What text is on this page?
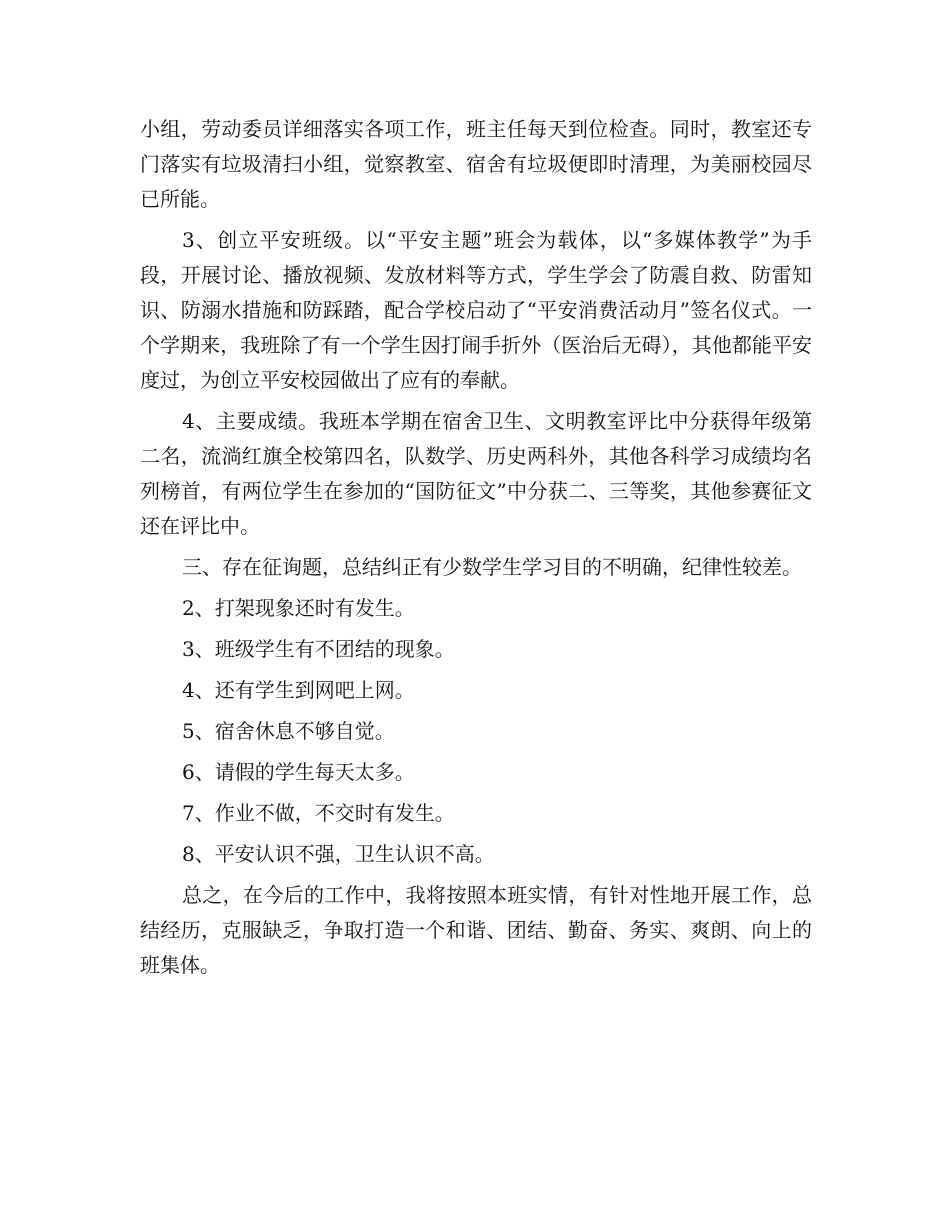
小组，劳动委员详细落实各项工作，班主任每天到位检查。同时，教室还专门落实有垃圾清扫小组，觉察教室、宿舍有垃圾便即时清理，为美丽校园尽已所能。

3、创立平安班级。以“平安主题”班会为载体，以“多媒体教学”为手段，开展讨论、播放视频、发放材料等方式，学生学会了防震自救、防雷知识、防溺水措施和防踩踏，配合学校启动了“平安消费活动月”签名仪式。一个学期来，我班除了有一个学生因打闹手折外（医治后无碍），其他都能平安度过，为创立平安校园做出了应有的奉献。

4、主要成绩。我班本学期在宿舍卫生、文明教室评比中分获得年级第二名，流淌红旗全校第四名，队数学、历史两科外，其他各科学习成绩均名列榜首，有两位学生在参加的“国防征文”中分获二、三等奖，其他参赛征文还在评比中。

三、存在征询题，总结纠正有少数学生学习目的不明确，纪律性较差。

2、打架现象还时有发生。

3、班级学生有不团结的现象。

4、还有学生到网吧上网。

5、宿舍休息不够自觉。

6、请假的学生每天太多。

7、作业不做，不交时有发生。

8、平安认识不强，卫生认识不高。

总之，在今后的工作中，我将按照本班实情，有针对性地开展工作，总结经历，克服缺乏，争取打造一个和谐、团结、勤奋、务实、爽朗、向上的班集体。
